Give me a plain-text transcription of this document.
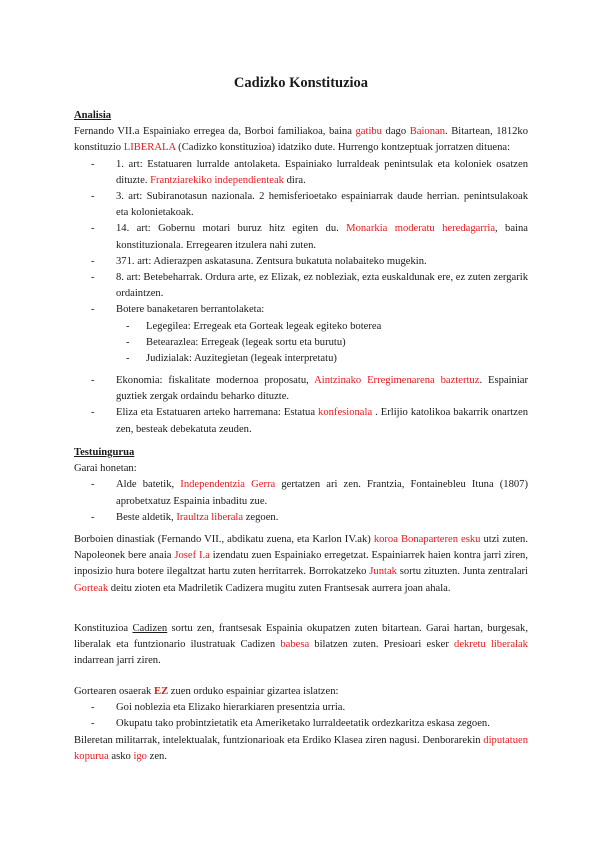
Cadizko Konstituzioa
Analisia

Fernando VII.a Espainiako erregea da, Borboi familiakoa, baina gatibu dago Baionan. Bitartean, 1812ko konstituzio LIBERALA (Cadizko konstituzioa) idatziko dute. Hurrengo kontzeptuak jorratzen dituena:

- 1. art: Estatuaren lurralde antolaketa. Espainiako lurraldeak penintsulak eta koloniek osatzen dituzte. Frantziarekiko independienteak dira.
- 3. art: Subiranotasun nazionala. 2 hemisferioetako espainiarrak daude herrian. penintsulakoak eta kolonietakoak.
- 14. art: Gobernu motari buruz hitz egiten du. Monarkia moderatu heredagarria, baina konstituzionala. Erregearen itzulera nahi zuten.
- 371. art: Adierazpen askatasuna. Zentsura bukatuta nolabaiteko mugekin.
- 8. art: Betebeharrak. Ordura arte, ez Elizak, ez nobleziak, ezta euskaldunak ere, ez zuten zergarik ordaintzen.
- Botere banaketaren berrantolaketa:
- Legegilea: Erregeak eta Gorteak legeak egiteko boterea
- Betearazlea: Erregeak (legeak sortu eta burutu)
- Judizialak: Auzitegietan (legeak interpretatu)
- Ekonomia: fiskalitate modernoa proposatu, Aintzinako Erregimenarena baztertuz. Espainiar guztiek zergak ordaindu beharko dituzte.
- Eliza eta Estatuaren arteko harremana: Estatua konfesionala . Erlijio katolikoa bakarrik onartzen zen, besteak debekatuta zeuden.
Testuingurua

Garai honetan:

- Alde batetik, Independentzia Gerra gertatzen ari zen. Frantzia, Fontainebleu Ituna (1807) aprobetxatuz Espainia inbaditu zue.
- Beste aldetik, Iraultza liberala zegoen.

Borboien dinastiak (Fernando VII., abdikatu zuena, eta Karlon IV.ak) koroa Bonaparteren esku utzi zuten. Napoleonek bere anaia Josef I.a izendatu zuen Espainiako erregetzat. Espainiarrek haien kontra jarri ziren, inposizio hura botere ilegaltzat hartu zuten herritarrek. Borrokatzeko Juntak sortu zituzten. Junta zentralari Gorteak deitu zioten eta Madriletik Cadizera mugitu zuten Frantsesak aurrera joan ahala.

Konstituzioa Cadizen sortu zen, frantsesak Espainia okupatzen zuten bitartean. Garai hartan, burgesak, liberalak eta funtzionario ilustratuak Cadizen babesa bilatzen zuten. Presioari esker dekretu liberalak indarrean jarri ziren.

Gortearen osaerak EZ zuen orduko espainiar gizartea islatzen:

- Goi noblezia eta Elizako hierarkiaren presentzia urria.
- Okupatu tako probintzietatik eta Ameriketako lurraldeetatik ordezkaritza eskasa zegoen.

Bileretan militarrak, intelektualak, funtzionarioak eta Erdiko Klasea ziren nagusi. Denborarekin diputatuen kopurua asko igo zen.
